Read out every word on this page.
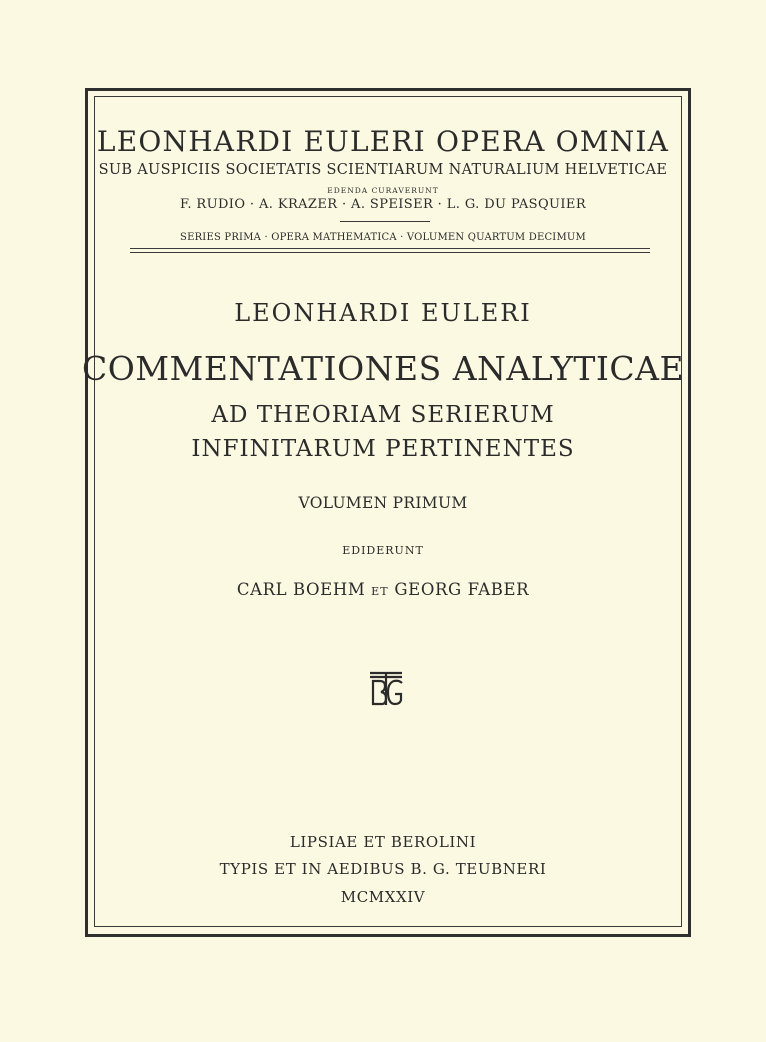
LEONHARDI EULERI OPERA OMNIA
SUB AUSPICIIS SOCIETATIS SCIENTIARUM NATURALIUM HELVETICAE
EDENDA CURAVERUNT
F. RUDIO · A. KRAZER · A. SPEISER · L. G. DU PASQUIER
SERIES PRIMA · OPERA MATHEMATICA · VOLUMEN QUARTUM DECIMUM
LEONHARDI EULERI
COMMENTATIONES ANALYTICAE
AD THEORIAM SERIERUM
INFINITARUM PERTINENTES
VOLUMEN PRIMUM
EDIDERUNT
CARL BOEHM ET GEORG FABER
LIPSIAE ET BEROLINI
TYPIS ET IN AEDIBUS B. G. TEUBNERI
MCMXXIV
